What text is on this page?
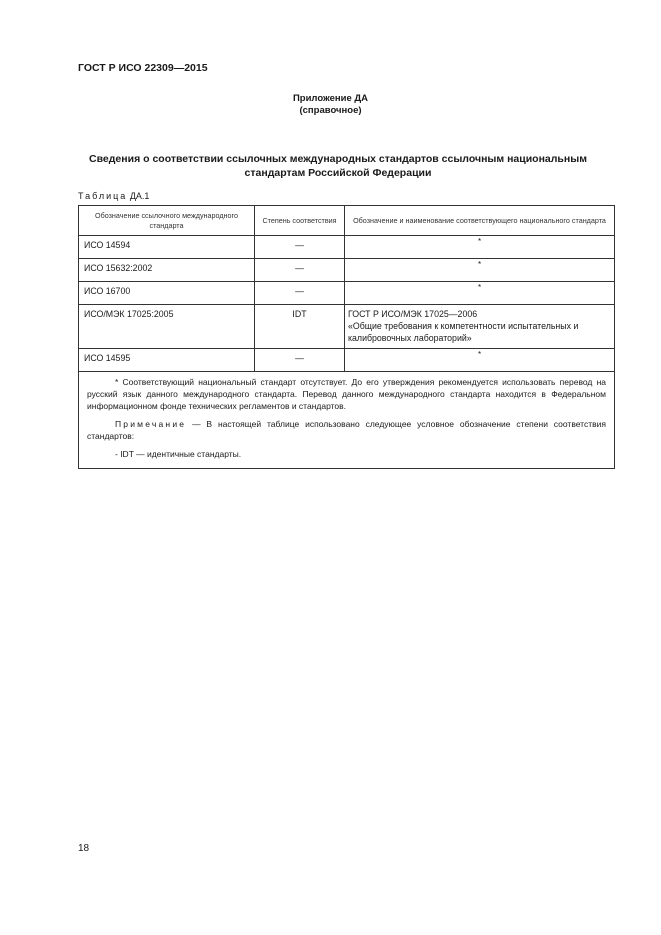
ГОСТ Р ИСО 22309—2015
Приложение ДА
(справочное)
Сведения о соответствии ссылочных международных стандартов ссылочным национальным стандартам Российской Федерации
Таблица ДА.1
Обозначение ссылочного международного стандарта	Степень соответствия	Обозначение и наименование соответствующего национального стандарта
ИСО 14594	—	*
ИСО 15632:2002	—	*
ИСО 16700	—	*
ИСО/МЭК 17025:2005	IDT	ГОСТ Р ИСО/МЭК 17025—2006
«Общие требования к компетентности испытательных и калибровочных лабораторий»

ИСО 14595	—	*

* Соответствующий национальный стандарт отсутствует. До его утверждения рекомендуется использовать перевод на русский язык данного международного стандарта. Перевод данного международного стандарта находится в Федеральном информационном фонде технических регламентов и стандартов.

Примечание — В настоящей таблице использовано следующее условное обозначение степени соответствия стандартов:

- IDT — идентичные стандарты.		

18
